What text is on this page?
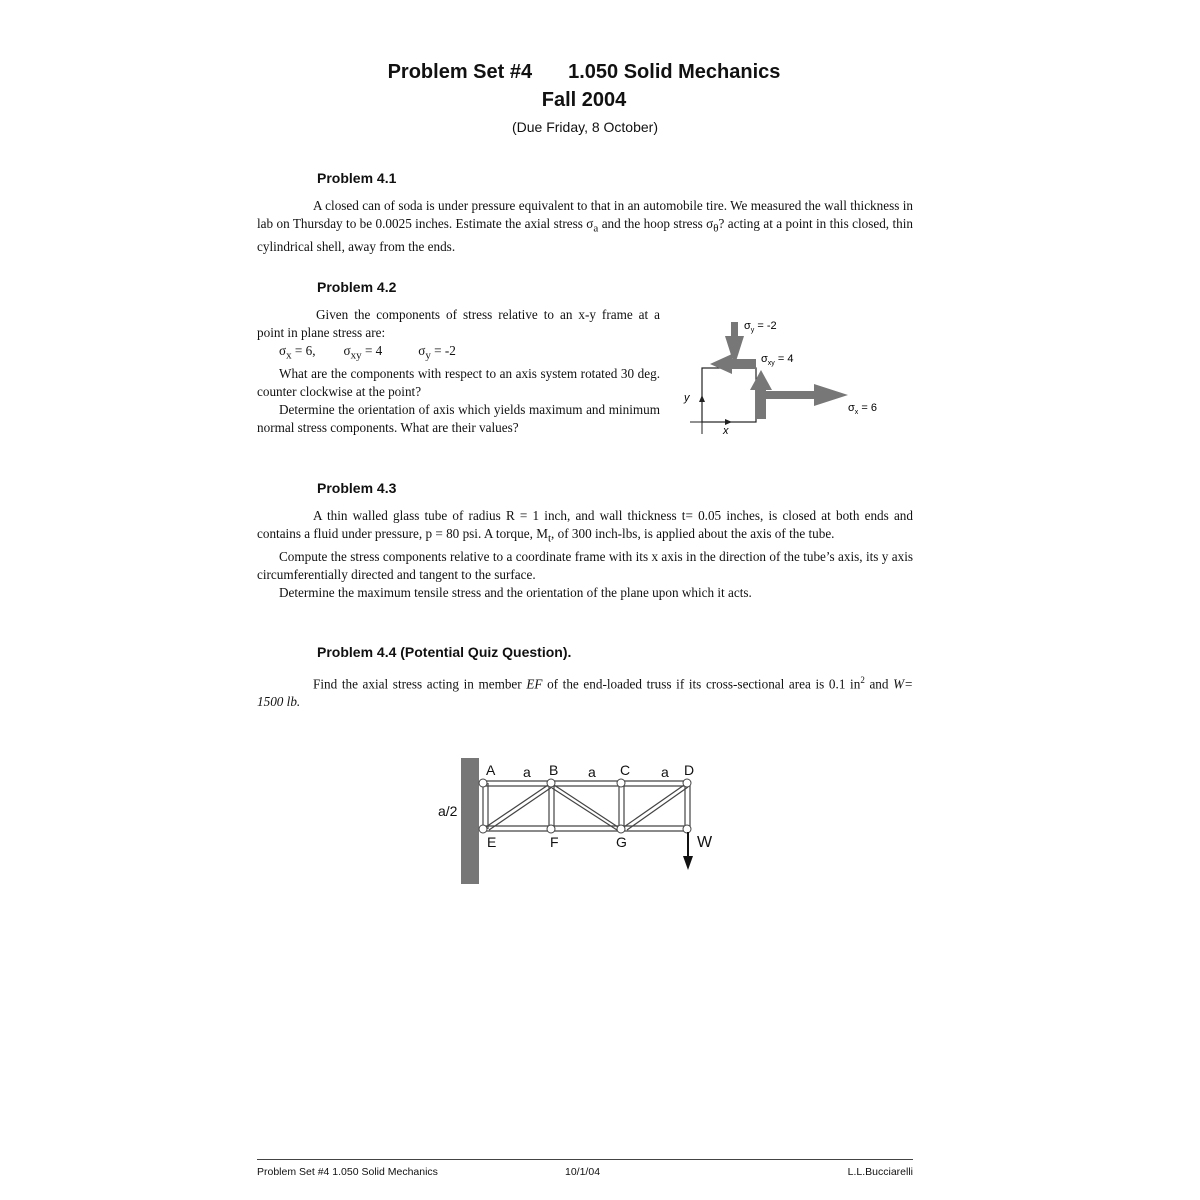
Problem Set #4 1.050 Solid Mechanics
Fall 2004
(Due Friday, 8 October)
Problem 4.1

A closed can of soda is under pressure equivalent to that in an automobile tire. We measured the wall thickness in lab on Thursday to be 0.0025 inches. Estimate the axial stress $\sigma_a$ and the hoop stress $\sigma_\theta$? acting at a point in this closed, thin cylindrical shell, away from the ends.

Problem 4.2

Given the components of stress relative to an x-y frame at a point in plane stress are:

$\sigma_x = 6$, $\sigma_{xy} = 4$	$\sigma_y = -2$

What are the components with respect to an axis system rotated 30 deg. counter clockwise at the point?

Determine the orientation of axis which yields maximum and minimum normal stress components. What are their values?

y
x
$\sigma_y = -2$
$\sigma_{xy} = 4$
$\sigma_x = 6$
Problem 4.3

A thin walled glass tube of radius R = 1 inch, and wall thickness t= 0.05 inches, is closed at both ends and contains a fluid under pressure, p = 80 psi. A torque, $M_t$, of 300 inch-lbs, is applied about the axis of the tube.

Compute the stress components relative to a coordinate frame with its x axis in the direction of the tube’s axis, its y axis circumferentially directed and tangent to the surface.

Determine the maximum tensile stress and the orientation of the plane upon which it acts.

Problem 4.4 (Potential Quiz Question).

Find the axial stress acting in member EF of the end-loaded truss if its cross-sectional area is 0.1 $in^2$ and W= 1500 lb.

A	B	C	D
E	F	G
a	a	a
a/2
W
Problem Set #4 1.050 Solid Mechanics	10/1/04	L.L.Bucciarelli
